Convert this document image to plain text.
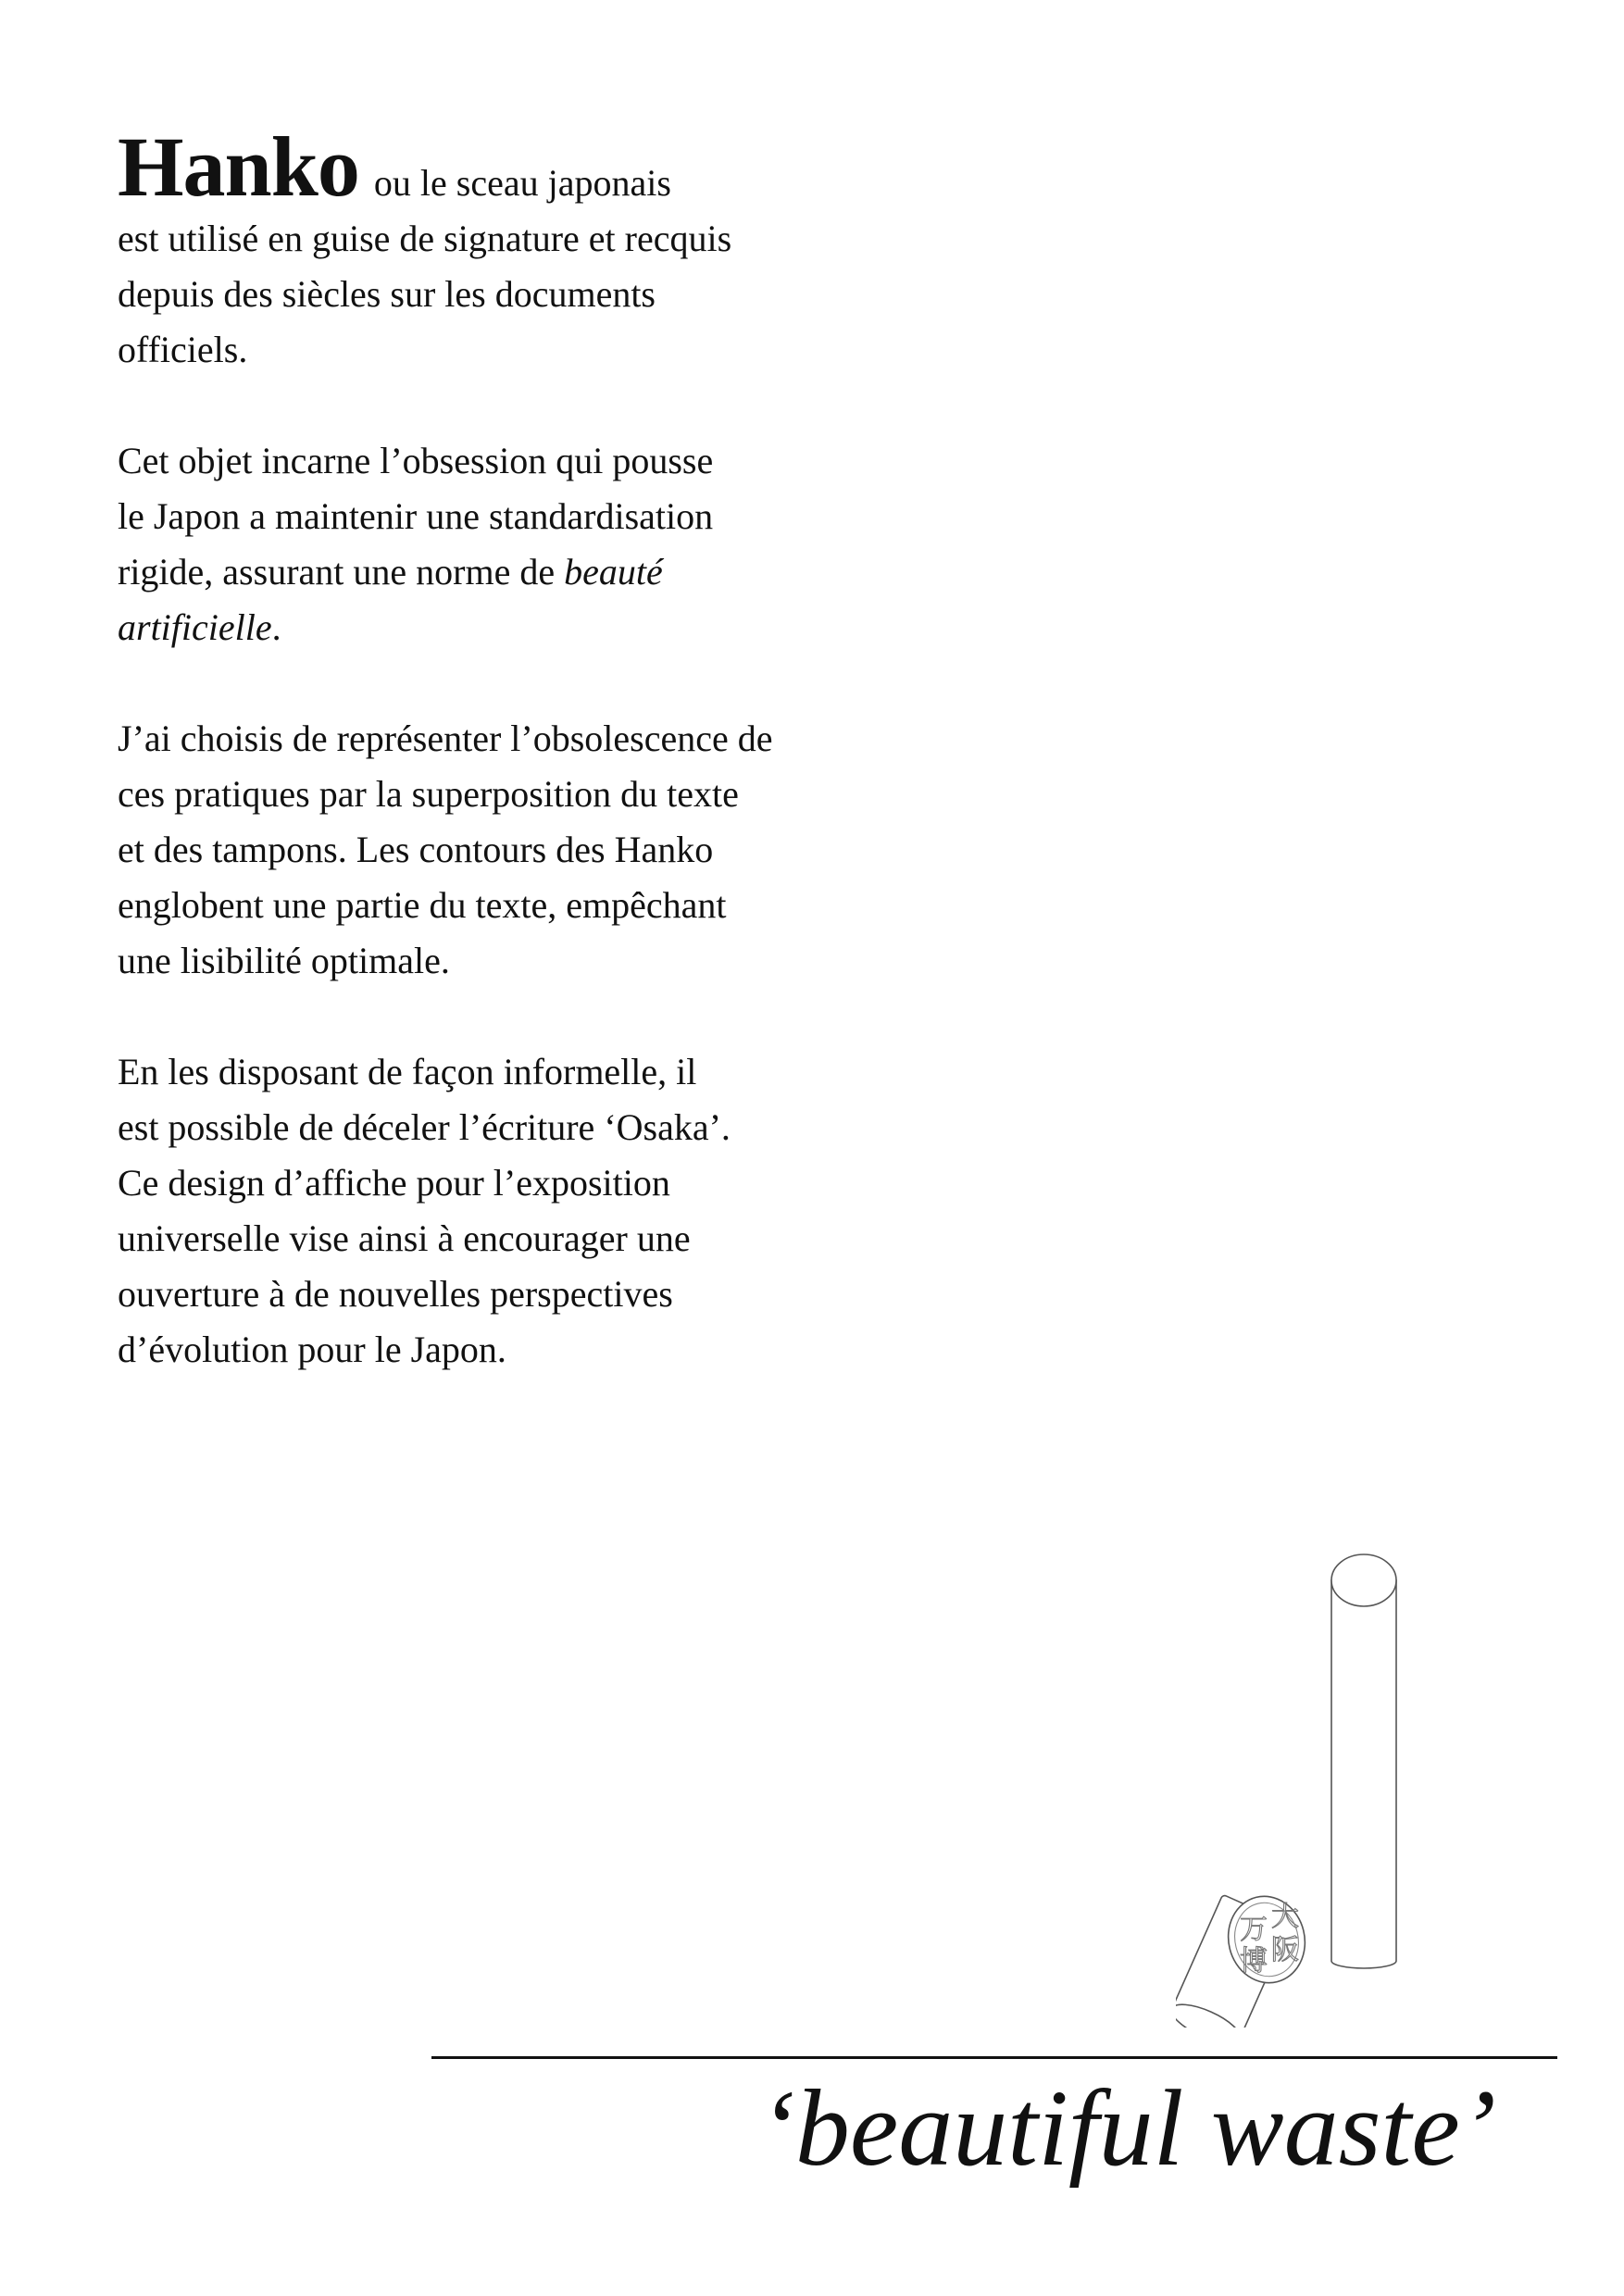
Hanko ou le sceau japonais
est utilisé en guise de signature et recquis
depuis des siècles sur les documents
officiels.

Cet objet incarne l’obsession qui pousse
le Japon a maintenir une standardisation
rigide, assurant une norme de beauté
artificielle.

J’ai choisis de représenter l’obsolescence de
ces pratiques par la superposition du texte
et des tampons. Les contours des Hanko
englobent une partie du texte, empêchant
une lisibilité optimale.

En les disposant de façon informelle, il
est possible de déceler l’écriture ‘Osaka’.
Ce design d’affiche pour l’exposition
universelle vise ainsi à encourager une
ouverture à de nouvelles perspectives
d’évolution pour le Japon.

大
阪
万
博
‘beautiful waste’
